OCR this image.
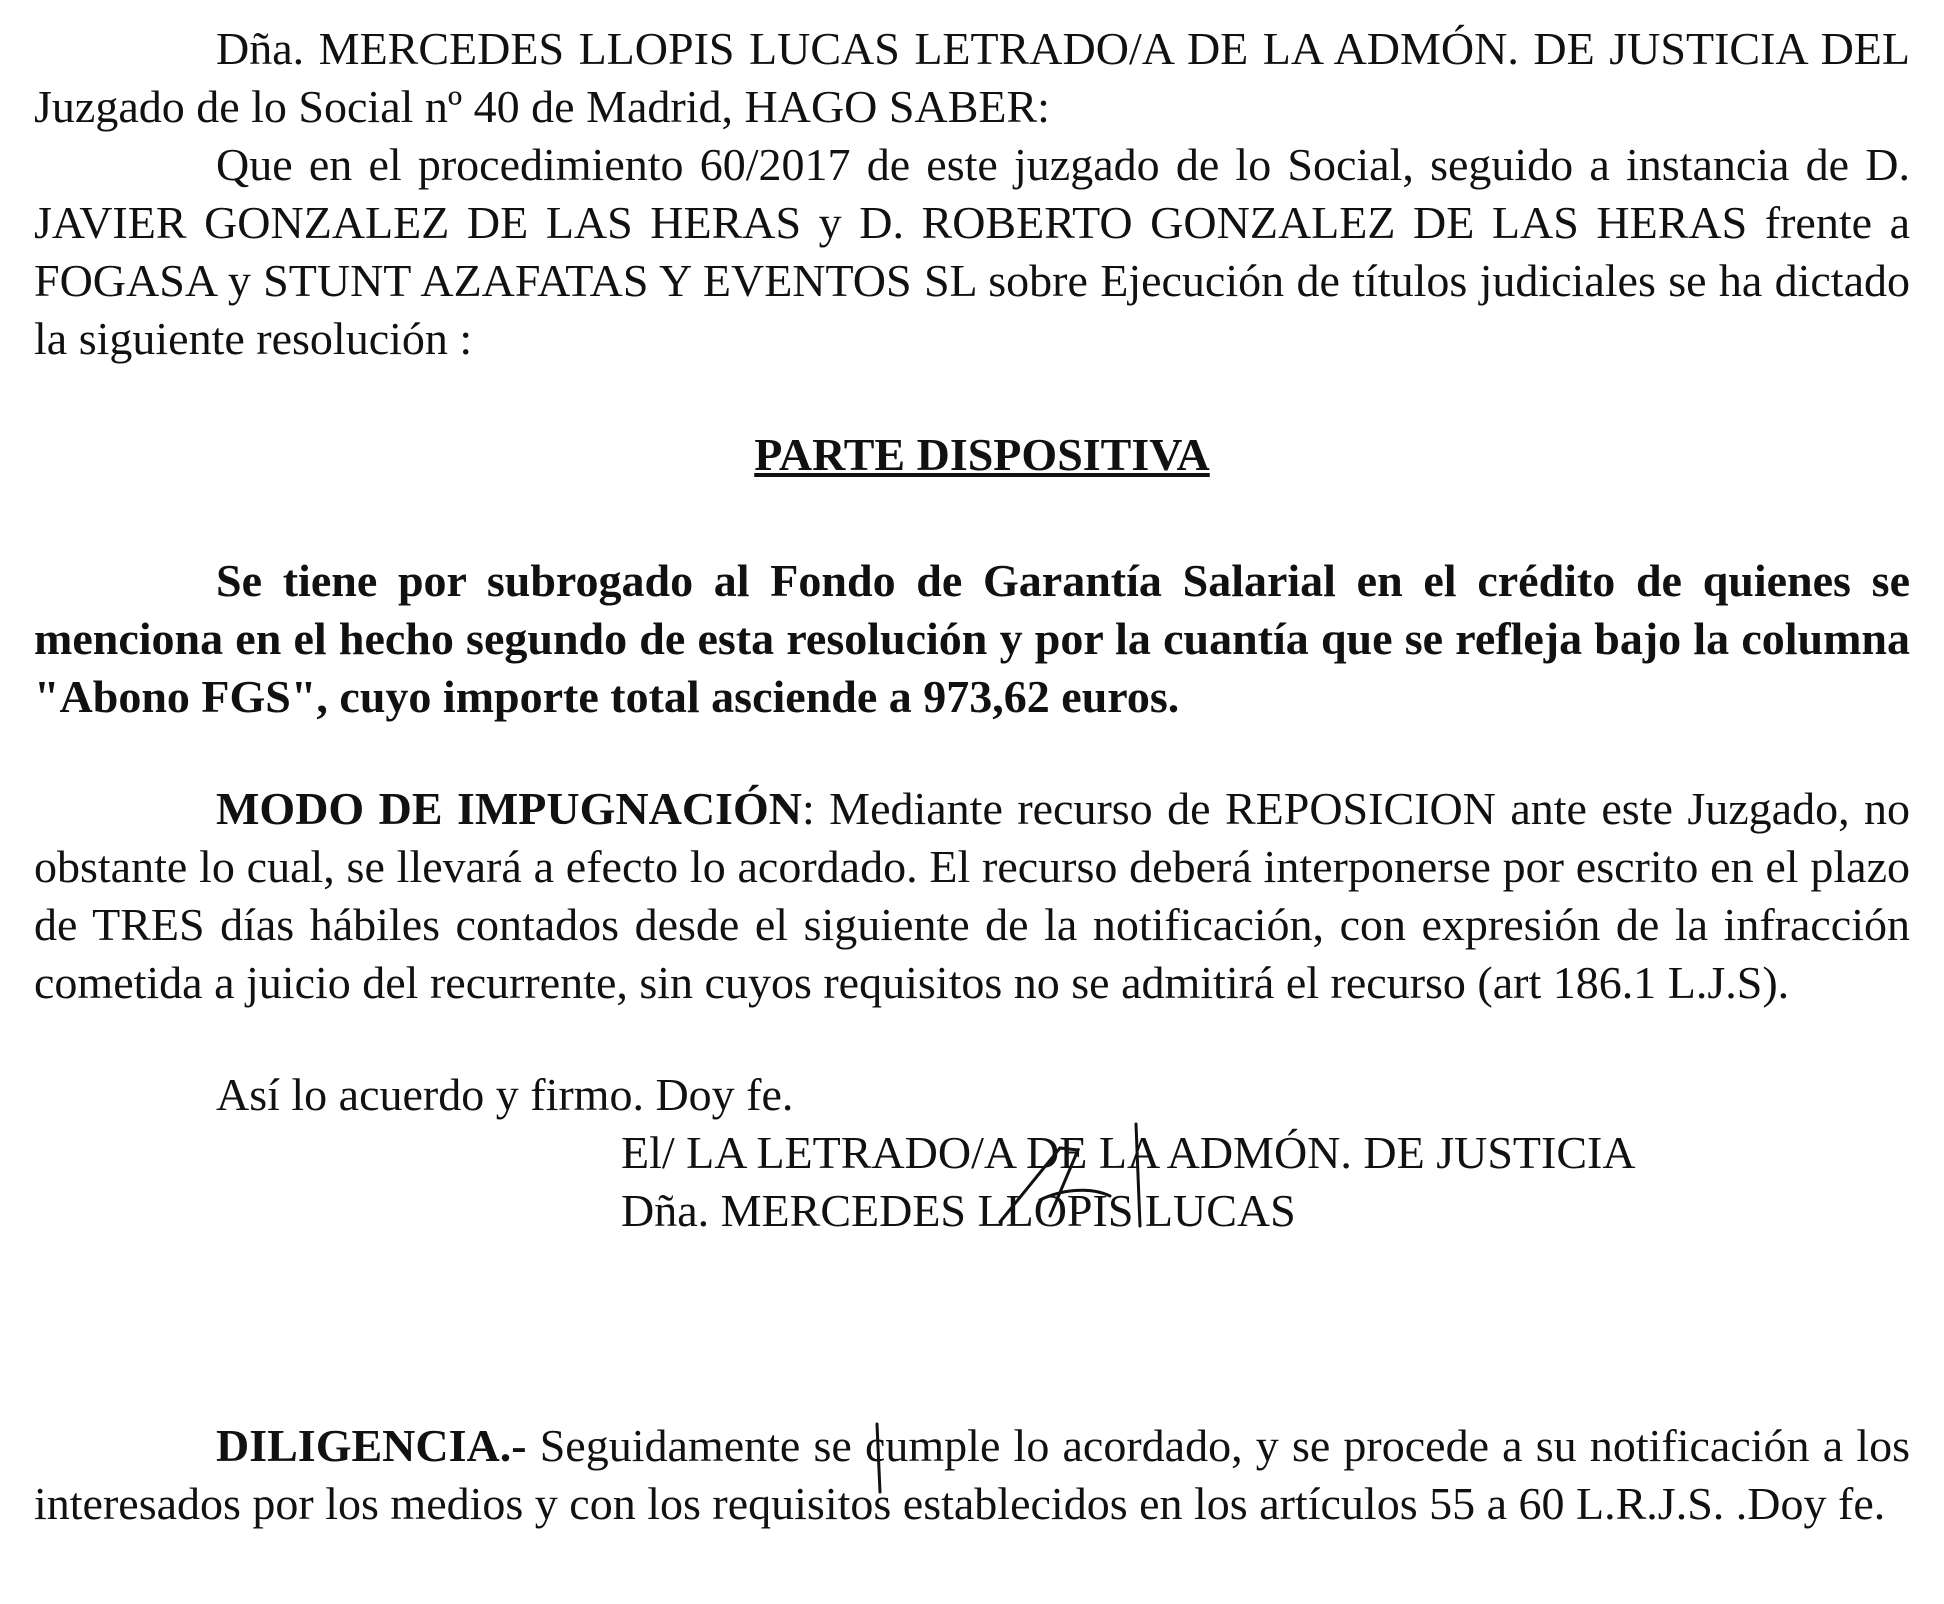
Dña. MERCEDES LLOPIS LUCAS LETRADO/A DE LA ADMÓN. DE JUSTICIA DEL Juzgado de lo Social nº 40 de Madrid, HAGO SABER:

Que en el procedimiento 60/2017 de este juzgado de lo Social, seguido a instancia de D. JAVIER GONZALEZ DE LAS HERAS y D. ROBERTO GONZALEZ DE LAS HERAS frente a FOGASA y STUNT AZAFATAS Y EVENTOS SL sobre Ejecución de títulos judiciales se ha dictado la siguiente resolución :

PARTE DISPOSITIVA

Se tiene por subrogado al Fondo de Garantía Salarial en el crédito de quienes se menciona en el hecho segundo de esta resolución y por la cuantía que se refleja bajo la columna "Abono FGS", cuyo importe total asciende a 973,62 euros.

MODO DE IMPUGNACIÓN: Mediante recurso de REPOSICION ante este Juzgado, no obstante lo cual, se llevará a efecto lo acordado. El recurso deberá interponerse por escrito en el plazo de TRES días hábiles contados desde el siguiente de la notificación, con expresión de la infracción cometida a juicio del recurrente, sin cuyos requisitos no se admitirá el recurso (art 186.1 L.J.S).

Así lo acuerdo y firmo. Doy fe.
El/ LA LETRADO/A DE LA ADMÓN. DE JUSTICIA
Dña. MERCEDES LLOPIS LUCAS

DILIGENCIA.- Seguidamente se cumple lo acordado, y se procede a su notificación a los interesados por los medios y con los requisitos establecidos en los artículos 55 a 60 L.R.J.S. .Doy fe.
